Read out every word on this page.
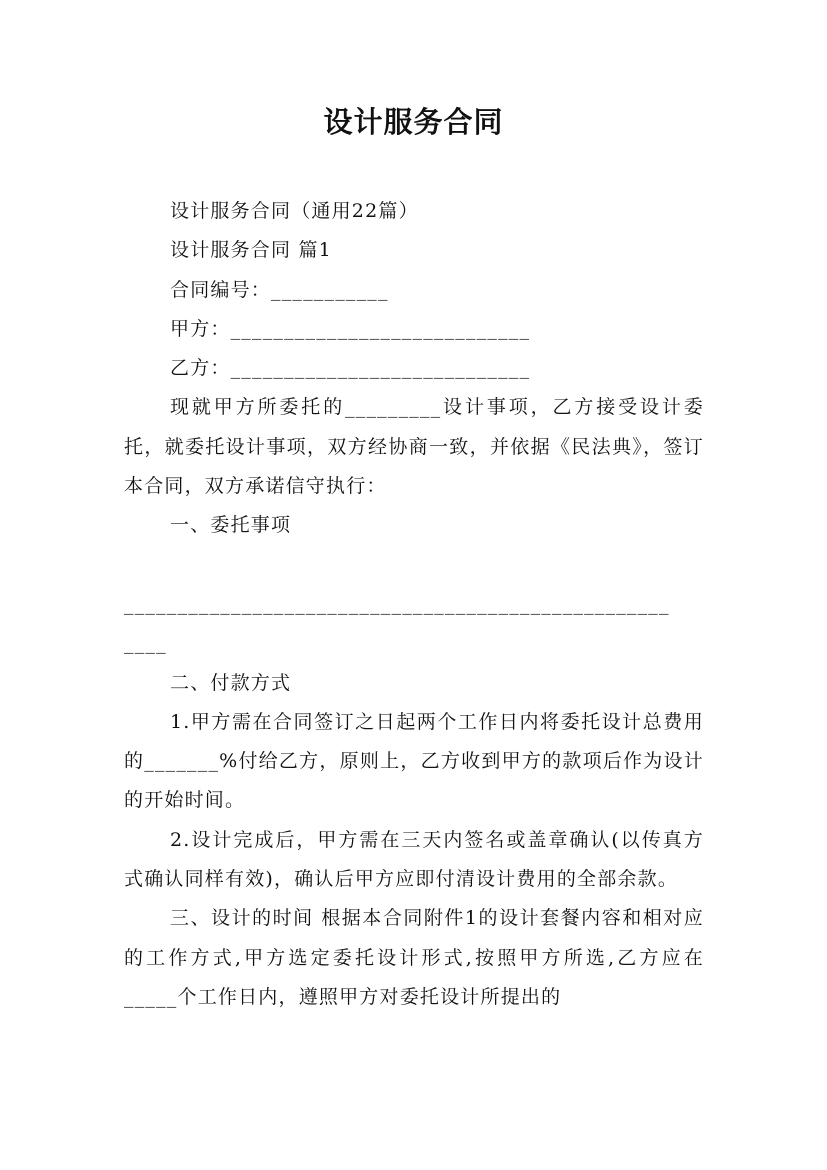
设计服务合同

设计服务合同（通用22篇）

设计服务合同 篇1

合同编号：___________

甲方：____________________________

乙方：____________________________

现就甲方所委托的_________设计事项，乙方接受设计委托，就委托设计事项，双方经协商一致，并依据《民法典》，签订本合同，双方承诺信守执行：

一、委托事项

___________________________________________________

____

二、付款方式

1.甲方需在合同签订之日起两个工作日内将委托设计总费用的_______%付给乙方，原则上，乙方收到甲方的款项后作为设计的开始时间。

2.设计完成后，甲方需在三天内签名或盖章确认(以传真方式确认同样有效)，确认后甲方应即付清设计费用的全部余款。

三、设计的时间 根据本合同附件1的设计套餐内容和相对应的工作方式,甲方选定委托设计形式,按照甲方所选,乙方应在_____个工作日内，遵照甲方对委托设计所提出的
